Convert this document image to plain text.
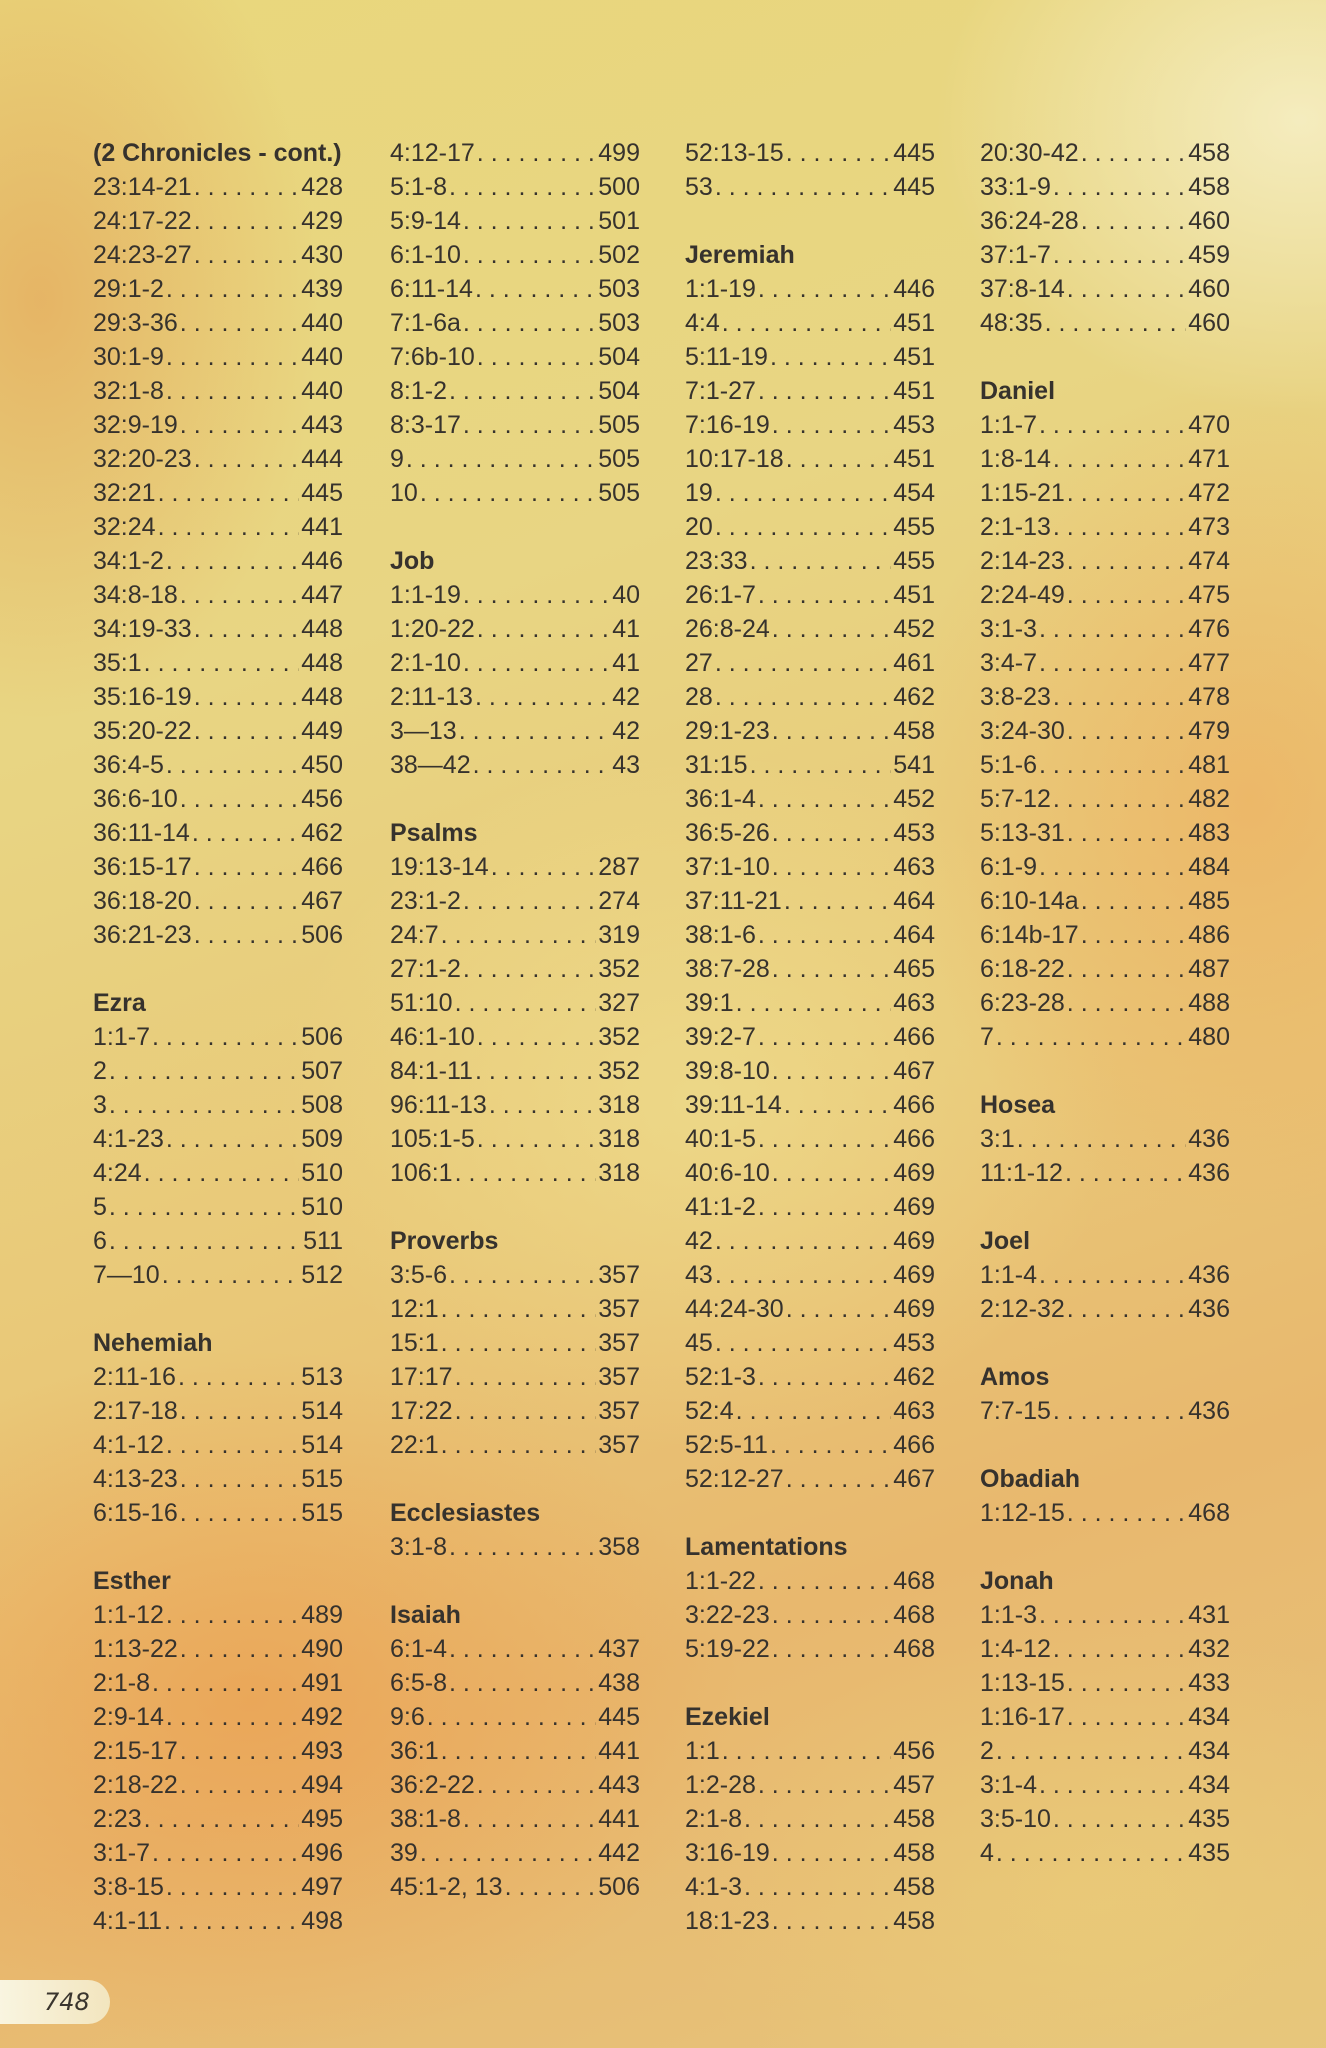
(2 Chronicles - cont.)
23:14-21 . . .	428
24:17-22 . . .	429
24:23-27 . . .	430
29:1-2 . . .	439
29:3-36 . . .	440
30:1-9 . . .	440
32:1-8 . . .	440
32:9-19 . . .	443
32:20-23 . . .	444
32:21 . . .	445
32:24 . . .	441
34:1-2 . . .	446
34:8-18 . . .	447
34:19-33 . . .	448
35:1 . . .	448
35:16-19 . . .	448
35:20-22 . . .	449
36:4-5 . . .	450
36:6-10 . . .	456
36:11-14 . . .	462
36:15-17 . . .	466
36:18-20 . . .	467
36:21-23 . . .	506
Ezra
1:1-7 . . .	506
2 . . .	507
3 . . .	508
4:1-23 . . .	509
4:24 . . .	510
5 . . .	510
6 . . .	511
7—10 . . .	512
Nehemiah
2:11-16 . . .	513
2:17-18 . . .	514
4:1-12 . . .	514
4:13-23 . . .	515
6:15-16 . . .	515
Esther
1:1-12 . . .	489
1:13-22 . . .	490
2:1-8 . . .	491
2:9-14 . . .	492
2:15-17 . . .	493
2:18-22 . . .	494
2:23 . . .	495
3:1-7 . . .	496
3:8-15 . . .	497
4:1-11 . . .	498
4:12-17 . . .	499
5:1-8 . . .	500
5:9-14 . . .	501
6:1-10 . . .	502
6:11-14 . . .	503
7:1-6a . . .	503
7:6b-10 . . .	504
8:1-2 . . .	504
8:3-17 . . .	505
9 . . .	505
10 . . .	505
Job
1:1-19 . . .	40
1:20-22 . . .	41
2:1-10 . . .	41
2:11-13 . . .	42
3—13 . . .	42
38—42 . . .	43
Psalms
19:13-14 . . .	287
23:1-2 . . .	274
24:7 . . .	319
27:1-2 . . .	352
51:10 . . .	327
46:1-10 . . .	352
84:1-11 . . .	352
96:11-13 . . .	318
105:1-5 . . .	318
106:1 . . .	318
Proverbs
3:5-6 . . .	357
12:1 . . .	357
15:1 . . .	357
17:17 . . .	357
17:22 . . .	357
22:1 . . .	357
Ecclesiastes
3:1-8 . . .	358
Isaiah
6:1-4 . . .	437
6:5-8 . . .	438
9:6 . . .	445
36:1 . . .	441
36:2-22 . . .	443
38:1-8 . . .	441
39 . . .	442
45:1-2, 13 . . .	506
52:13-15 . . .	445
53 . . .	445
Jeremiah
1:1-19 . . .	446
4:4 . . .	451
5:11-19 . . .	451
7:1-27 . . .	451
7:16-19 . . .	453
10:17-18 . . .	451
19 . . .	454
20 . . .	455
23:33 . . .	455
26:1-7 . . .	451
26:8-24 . . .	452
27 . . .	461
28 . . .	462
29:1-23 . . .	458
31:15 . . .	541
36:1-4 . . .	452
36:5-26 . . .	453
37:1-10 . . .	463
37:11-21 . . .	464
38:1-6 . . .	464
38:7-28 . . .	465
39:1 . . .	463
39:2-7 . . .	466
39:8-10 . . .	467
39:11-14 . . .	466
40:1-5 . . .	466
40:6-10 . . .	469
41:1-2 . . .	469
42 . . .	469
43 . . .	469
44:24-30 . . .	469
45 . . .	453
52:1-3 . . .	462
52:4 . . .	463
52:5-11 . . .	466
52:12-27 . . .	467
Lamentations
1:1-22 . . .	468
3:22-23 . . .	468
5:19-22 . . .	468
Ezekiel
1:1 . . .	456
1:2-28 . . .	457
2:1-8 . . .	458
3:16-19 . . .	458
4:1-3 . . .	458
18:1-23 . . .	458
20:30-42 . . .	458
33:1-9 . . .	458
36:24-28 . . .	460
37:1-7 . . .	459
37:8-14 . . .	460
48:35 . . .	460
Daniel
1:1-7 . . .	470
1:8-14 . . .	471
1:15-21 . . .	472
2:1-13 . . .	473
2:14-23 . . .	474
2:24-49 . . .	475
3:1-3 . . .	476
3:4-7 . . .	477
3:8-23 . . .	478
3:24-30 . . .	479
5:1-6 . . .	481
5:7-12 . . .	482
5:13-31 . . .	483
6:1-9 . . .	484
6:10-14a . . .	485
6:14b-17 . . .	486
6:18-22 . . .	487
6:23-28 . . .	488
7 . . .	480
Hosea
3:1 . . .	436
11:1-12 . . .	436
Joel
1:1-4 . . .	436
2:12-32 . . .	436
Amos
7:7-15 . . .	436
Obadiah
1:12-15 . . .	468
Jonah
1:1-3 . . .	431
1:4-12 . . .	432
1:13-15 . . .	433
1:16-17 . . .	434
2 . . .	434
3:1-4 . . .	434
3:5-10 . . .	435
4 . . .	435
748
